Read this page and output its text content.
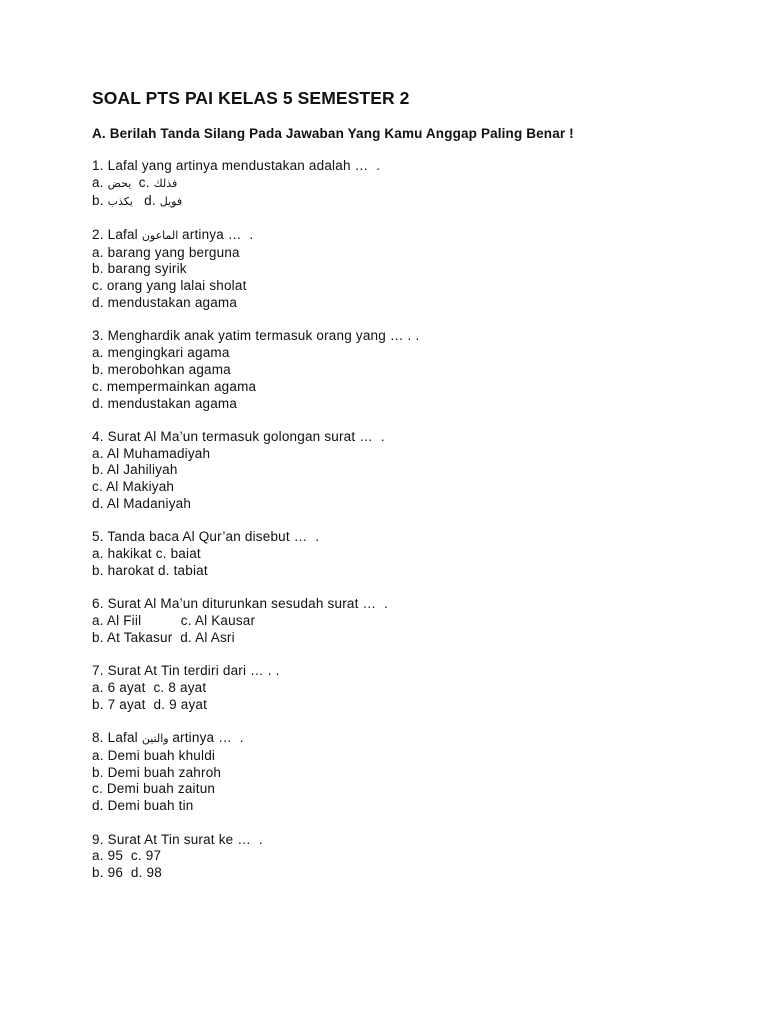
SOAL PTS PAI KELAS 5 SEMESTER 2
A. Berilah Tanda Silang Pada Jawaban Yang Kamu Anggap Paling Benar !
1. Lafal yang artinya mendustakan adalah …  .
a. يحض  c. فذلك
b. يكذب   d. فويل
2. Lafal الماعون artinya …  .
a. barang yang berguna
b. barang syirik
c. orang yang lalai sholat
d. mendustakan agama
3. Menghardik anak yatim termasuk orang yang … . .
a. mengingkari agama
b. merobohkan agama
c. mempermainkan agama
d. mendustakan agama
4. Surat Al Ma’un termasuk golongan surat …  .
a. Al Muhamadiyah
b. Al Jahiliyah
c. Al Makiyah
d. Al Madaniyah
5. Tanda baca Al Qur’an disebut …  .
a. hakikat c. baiat
b. harokat d. tabiat
6. Surat Al Ma’un diturunkan sesudah surat …  .
a. Al Fiil          c. Al Kausar
b. At Takasur  d. Al Asri
7. Surat At Tin terdiri dari … . .
a. 6 ayat  c. 8 ayat
b. 7 ayat  d. 9 ayat
8. Lafal والتين artinya …  .
a. Demi buah khuldi
b. Demi buah zahroh
c. Demi buah zaitun
d. Demi buah tin
9. Surat At Tin surat ke …  .
a. 95  c. 97
b. 96  d. 98
